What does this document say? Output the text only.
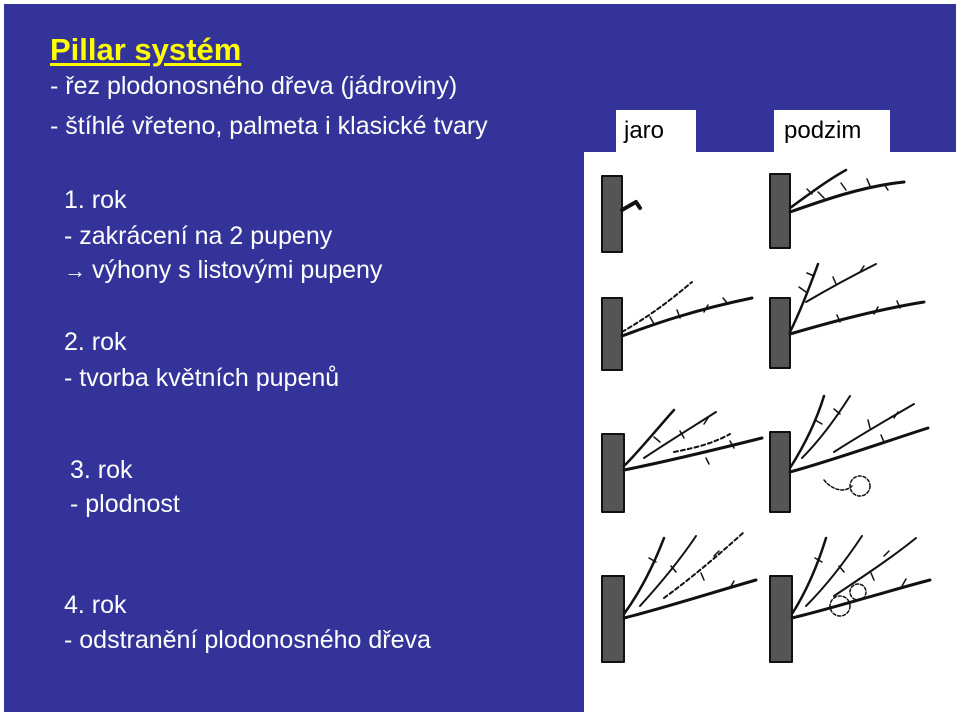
Pillar systém
- řez plodonosného dřeva (jádroviny)
- štíhlé vřeteno, palmeta i klasické tvary
1. rok
- zakrácení na 2 pupeny
→ výhony s listovými pupeny
2. rok
- tvorba květních pupenů
3. rok
- plodnost
4. rok
- odstranění plodonosného dřeva
jaro	podzim
